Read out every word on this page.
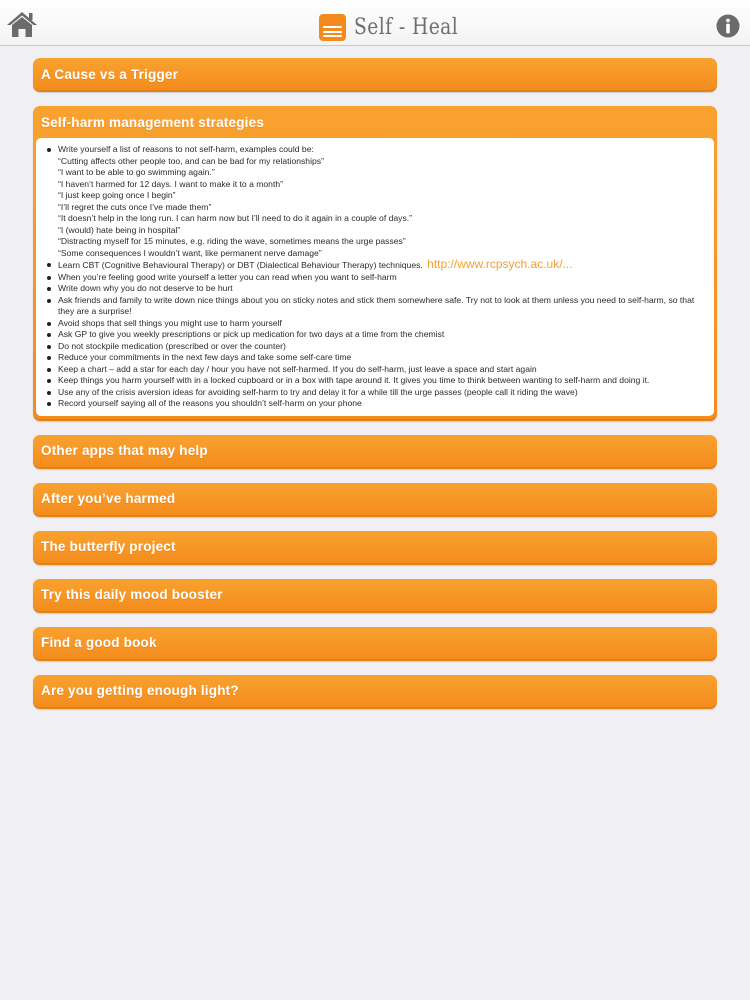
Self - Heal
A Cause vs a Trigger
Self-harm management strategies
Write yourself a list of reasons to not self-harm, examples could be:
“Cutting affects other people too, and can be bad for my relationships”
“I want to be able to go swimming again.”
“I haven’t harmed for 12 days. I want to make it to a month”
“I just keep going once I begin”
“I’ll regret the cuts once I’ve made them”
“It doesn’t help in the long run. I can harm now but I’ll need to do it again in a couple of days.”
“I (would) hate being in hospital”
“Distracting myself for 15 minutes, e.g. riding the wave, sometimes means the urge passes”
“Some consequences I wouldn’t want, like permanent nerve damage”
Learn CBT (Cognitive Behavioural Therapy) or DBT (Dialectical Behaviour Therapy) techniques. http://www.rcpsych.ac.uk/...
When you’re feeling good write yourself a letter you can read when you want to self-harm
Write down why you do not deserve to be hurt
Ask friends and family to write down nice things about you on sticky notes and stick them somewhere safe. Try not to look at them unless you need to self-harm, so that they are a surprise!
Avoid shops that sell things you might use to harm yourself
Ask GP to give you weekly prescriptions or pick up medication for two days at a time from the chemist
Do not stockpile medication (prescribed or over the counter)
Reduce your commitments in the next few days and take some self-care time
Keep a chart – add a star for each day / hour you have not self-harmed. If you do self-harm, just leave a space and start again
Keep things you harm yourself with in a locked cupboard or in a box with tape around it. It gives you time to think between wanting to self-harm and doing it.
Use any of the crisis aversion ideas for avoiding self-harm to try and delay it for a while till the urge passes (people call it riding the wave)
Record yourself saying all of the reasons you shouldn’t self-harm on your phone
Other apps that may help
After you’ve harmed
The butterfly project
Try this daily mood booster
Find a good book
Are you getting enough light?
